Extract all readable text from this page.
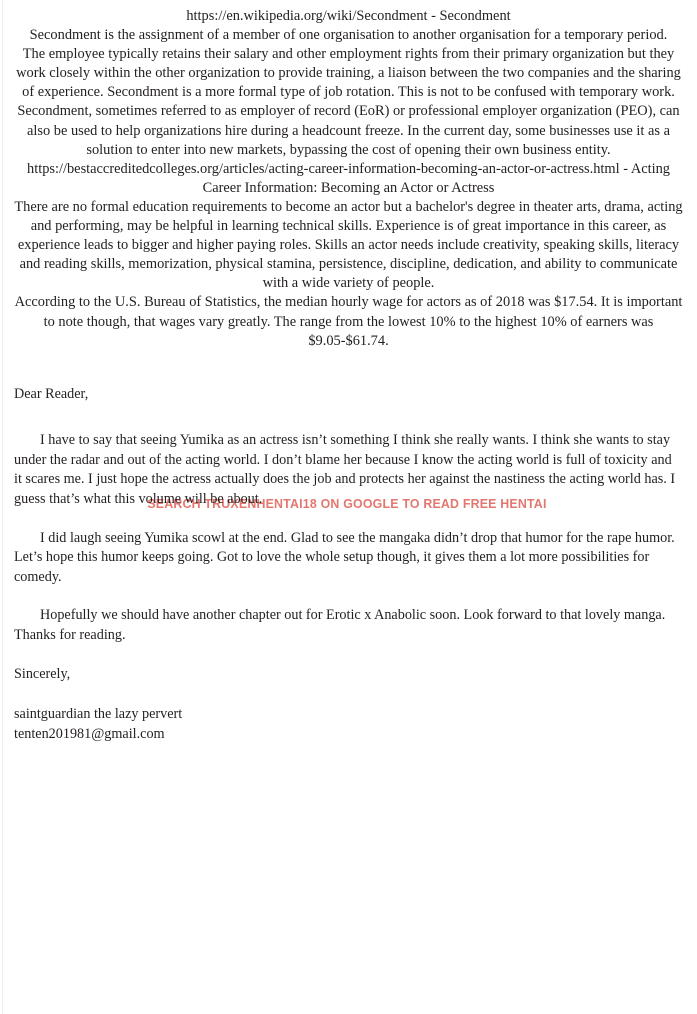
https://en.wikipedia.org/wiki/Secondment - Secondment

Secondment is the assignment of a member of one organisation to another organisation for a temporary period.

The employee typically retains their salary and other employment rights from their primary organization but they work closely within the other organization to provide training, a liaison between the two companies and the sharing of experience. Secondment is a more formal type of job rotation. This is not to be confused with temporary work.

Secondment, sometimes referred to as employer of record (EoR) or professional employer organization (PEO), can also be used to help organizations hire during a headcount freeze. In the current day, some businesses use it as a solution to enter into new markets, bypassing the cost of opening their own business entity.

https://bestaccreditedcolleges.org/articles/acting-career-information-becoming-an-actor-or-actress.html - Acting Career Information: Becoming an Actor or Actress

There are no formal education requirements to become an actor but a bachelor's degree in theater arts, drama, acting and performing, may be helpful in learning technical skills. Experience is of great importance in this career, as experience leads to bigger and higher paying roles. Skills an actor needs include creativity, speaking skills, literacy and reading skills, memorization, physical stamina, persistence, discipline, dedication, and ability to communicate with a wide variety of people.

According to the U.S. Bureau of Statistics, the median hourly wage for actors as of 2018 was $17.54. It is important to note though, that wages vary greatly. The range from the lowest 10% to the highest 10% of earners was $9.05-$61.74.

Dear Reader,

I have to say that seeing Yumika as an actress isn’t something I think she really wants. I think she wants to stay under the radar and out of the acting world. I don’t blame her because I know the acting world is full of toxicity and it scares me. I just hope the actress actually does the job and protects her against the nastiness the acting world has. I guess that’s what this volume will be about.

I did laugh seeing Yumika scowl at the end. Glad to see the mangaka didn’t drop that humor for the rape humor. Let’s hope this humor keeps going. Got to love the whole setup though, it gives them a lot more possibilities for comedy.

Hopefully we should have another chapter out for Erotic x Anabolic soon. Look forward to that lovely manga. Thanks for reading.

Sincerely,

saintguardian the lazy pervert

tenten201981@gmail.com

SEARCH TRUXENHENTAI18 ON GOOGLE TO READ FREE HENTAI
